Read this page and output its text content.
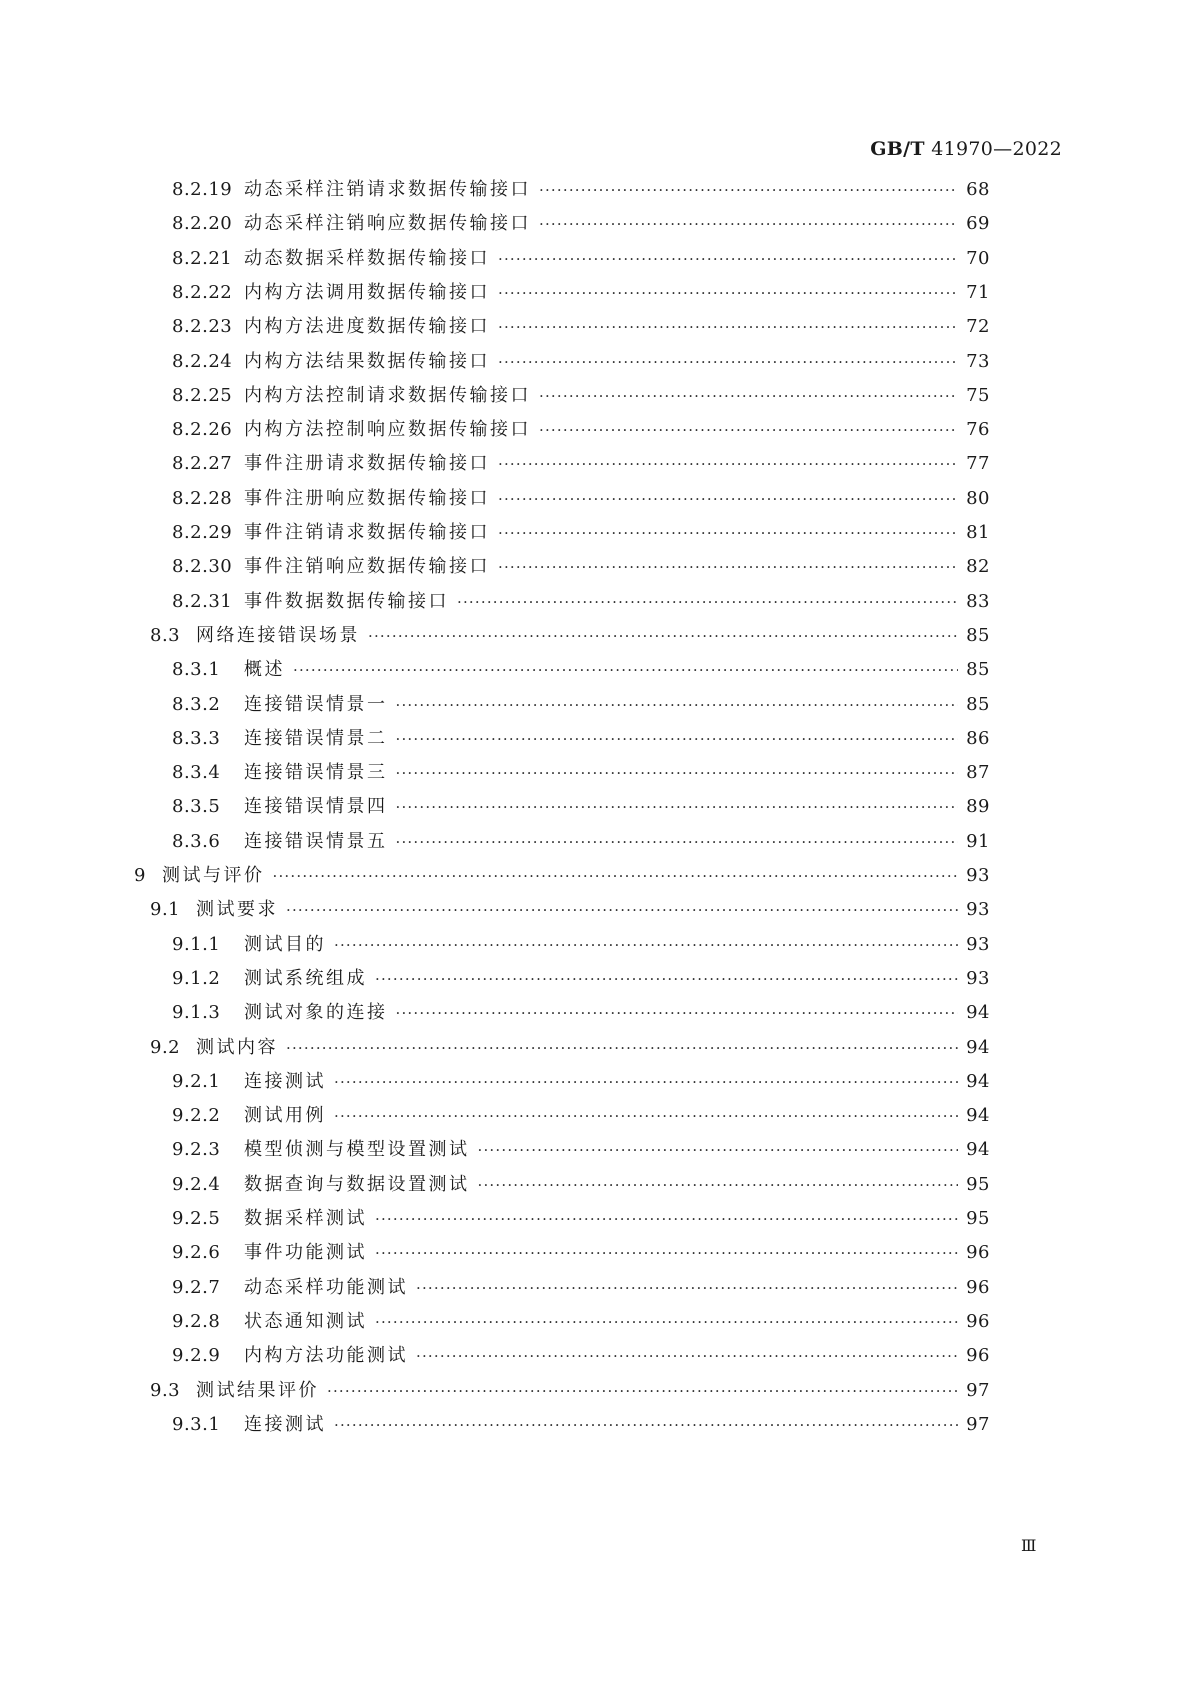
GB/T 41970—2022
8.2.19 动态采样注销请求数据传输接口 ·····	68
8.2.20 动态采样注销响应数据传输接口 ·····	69
8.2.21 动态数据采样数据传输接口 ·····	70
8.2.22 内构方法调用数据传输接口 ·····	71
8.2.23 内构方法进度数据传输接口 ·····	72
8.2.24 内构方法结果数据传输接口 ·····	73
8.2.25 内构方法控制请求数据传输接口 ·····	75
8.2.26 内构方法控制响应数据传输接口 ·····	76
8.2.27 事件注册请求数据传输接口 ·····	77
8.2.28 事件注册响应数据传输接口 ·····	80
8.2.29 事件注销请求数据传输接口 ·····	81
8.2.30 事件注销响应数据传输接口 ·····	82
8.2.31 事件数据数据传输接口 ·····	83
8.3 网络连接错误场景 ·····	85
8.3.1	概述 ·····	85
8.3.2	连接错误情景一 ·····	85
8.3.3	连接错误情景二 ·····	86
8.3.4	连接错误情景三 ·····	87
8.3.5	连接错误情景四 ·····	89
8.3.6	连接错误情景五 ·····	91
9 测试与评价 ·····	93
9.1 测试要求 ·····	93
9.1.1	测试目的 ·····	93
9.1.2	测试系统组成 ·····	93
9.1.3	测试对象的连接 ·····	94
9.2 测试内容 ·····	94
9.2.1	连接测试 ·····	94
9.2.2	测试用例 ·····	94
9.2.3	模型侦测与模型设置测试 ·····	94
9.2.4	数据查询与数据设置测试 ·····	95
9.2.5	数据采样测试 ·····	95
9.2.6	事件功能测试 ·····	96
9.2.7	动态采样功能测试 ·····	96
9.2.8	状态通知测试 ·····	96
9.2.9	内构方法功能测试 ·····	96
9.3 测试结果评价 ·····	97
9.3.1	连接测试 ·····	97
Ⅲ
